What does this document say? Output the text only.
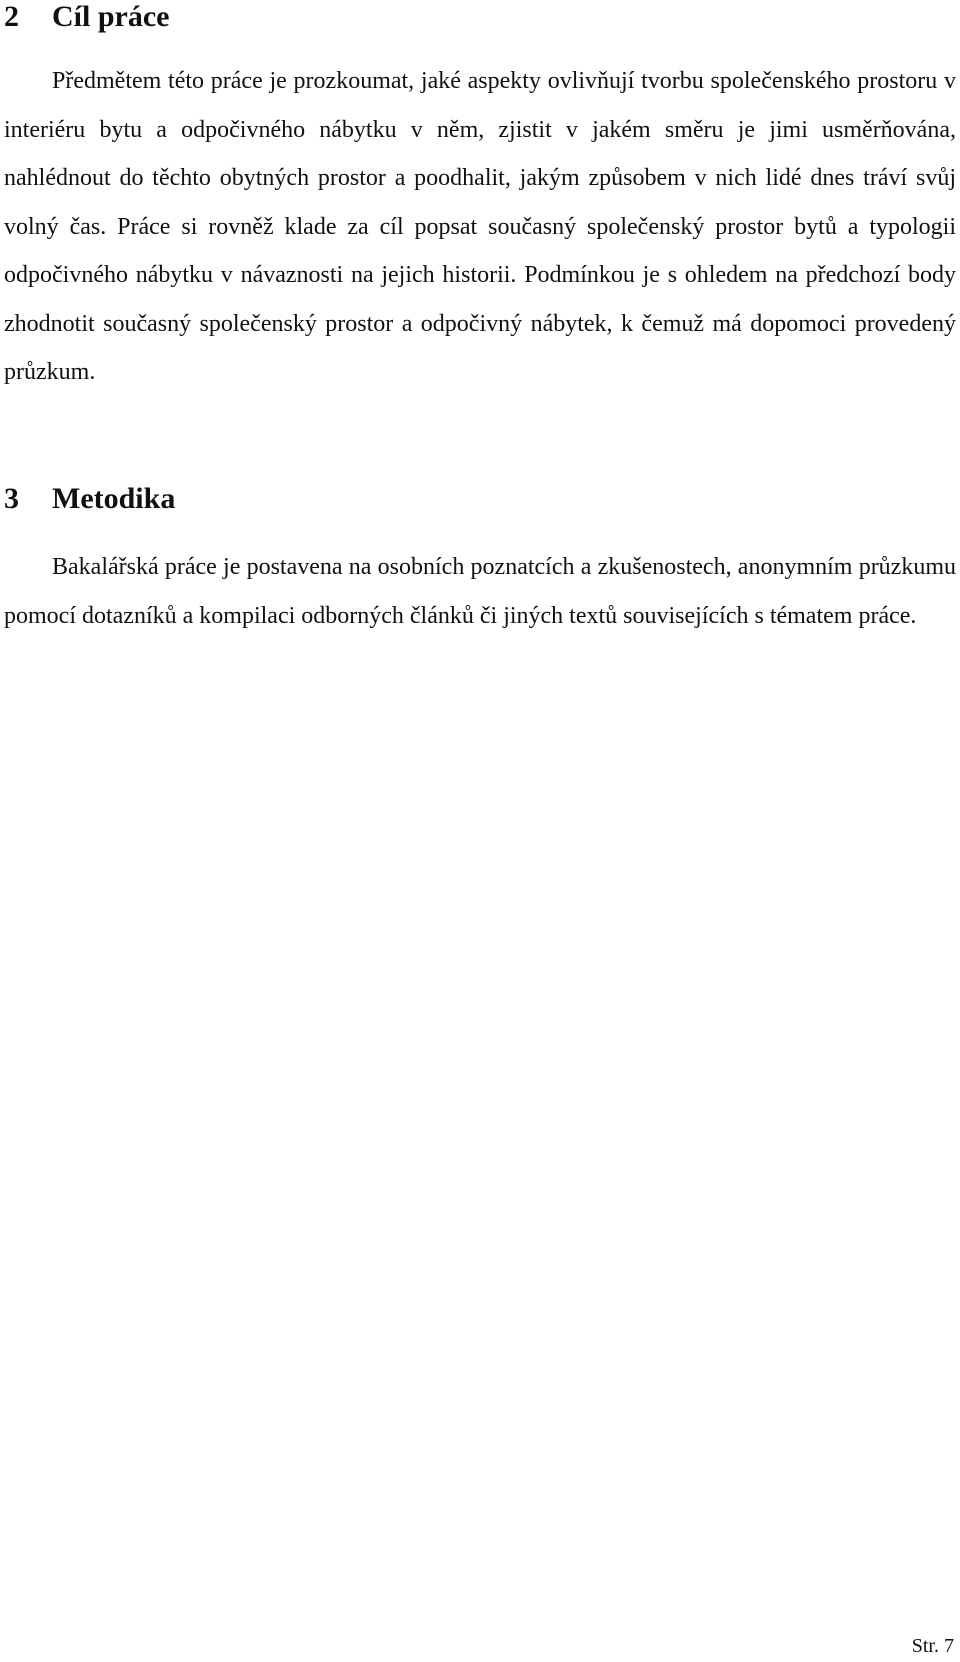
2 Cíl práce

Předmětem této práce je prozkoumat, jaké aspekty ovlivňují tvorbu společenského prostoru v interiéru bytu a odpočivného nábytku v něm, zjistit v jakém směru je jimi usměrňována, nahlédnout do těchto obytných prostor a poodhalit, jakým způsobem v nich lidé dnes tráví svůj volný čas. Práce si rovněž klade za cíl popsat současný společenský prostor bytů a typologii odpočivného nábytku v návaznosti na jejich historii. Podmínkou je s ohledem na předchozí body zhodnotit současný společenský prostor a odpočivný nábytek, k čemuž má dopomoci provedený průzkum.

3 Metodika

Bakalářská práce je postavena na osobních poznatcích a zkušenostech, anonymním průzkumu pomocí dotazníků a kompilaci odborných článků či jiných textů souvisejících s tématem práce.

Str. 7
